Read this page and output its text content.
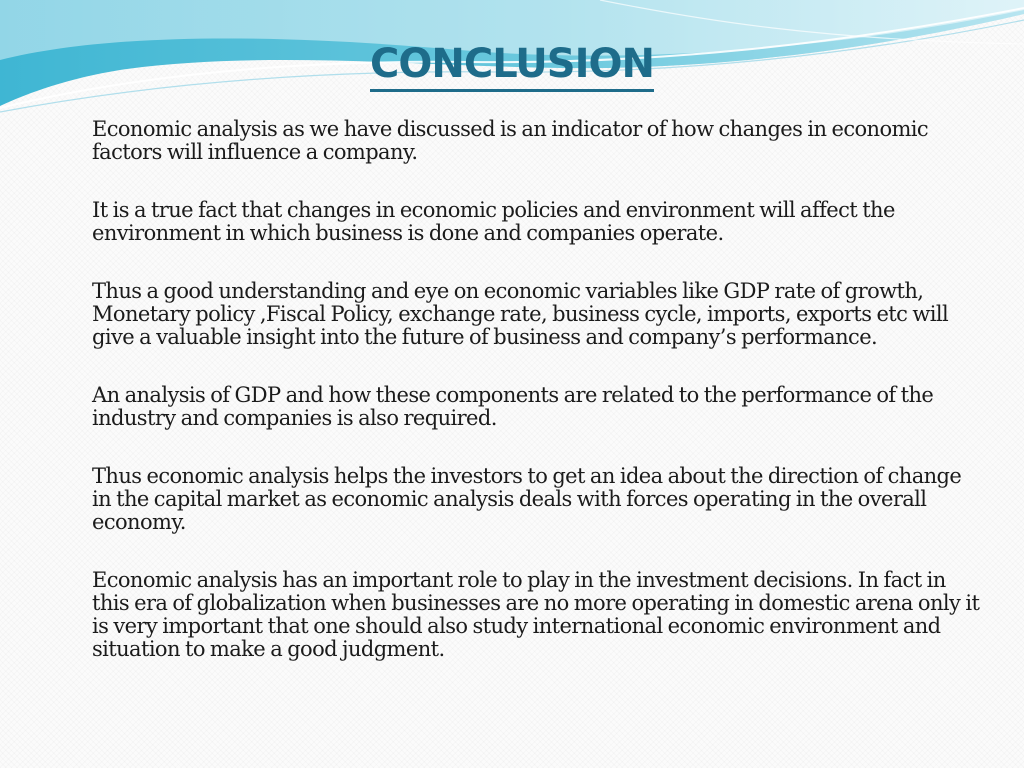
CONCLUSION

Economic analysis as we have discussed is an indicator of how changes in economic factors will influence a company.

It is a true fact that changes in economic policies and environment will affect the environment in which business is done and companies operate.

Thus a good understanding and eye on economic variables like GDP rate of growth, Monetary policy ,Fiscal Policy, exchange rate, business cycle, imports, exports etc will give a valuable insight into the future of business and company’s performance.

An analysis of GDP and how these components are related to the performance of the industry and companies is also required.

Thus economic analysis helps the investors to get an idea about the direction of change in the capital market as economic analysis deals with forces operating in the overall economy.

Economic analysis has an important role to play in the investment decisions. In fact in this era of globalization when businesses are no more operating in domestic arena only it is very important that one should also study international economic environment and situation to make a good judgment.
